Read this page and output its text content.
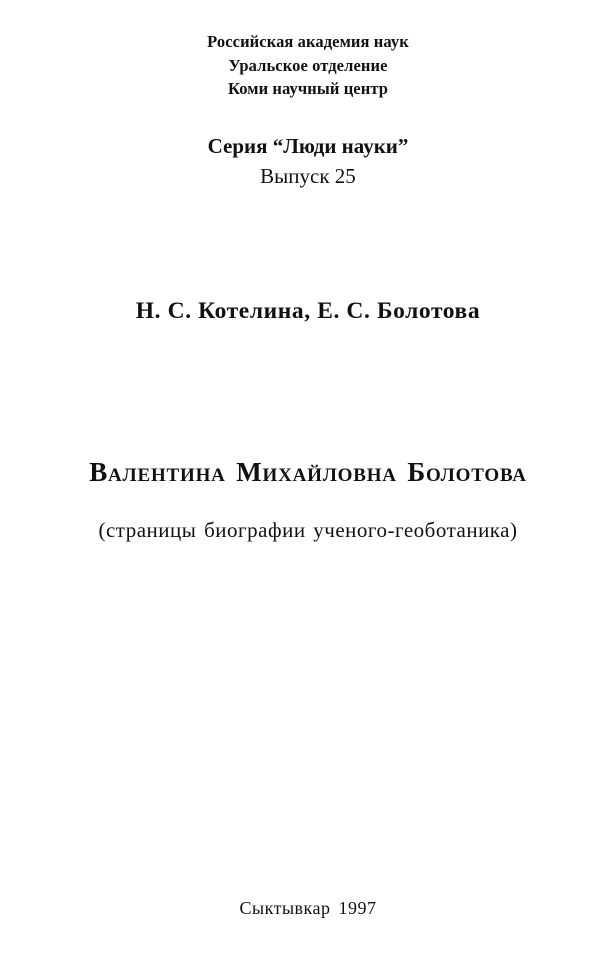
Российская академия наук
Уральское отделение
Коми научный центр
Серия “Люди науки”
Выпуск 25
Н. С. Котелина, Е. С. Болотова
Валентина Михайловна Болотова
(страницы биографии ученого-геоботаника)
Сыктывкар 1997
